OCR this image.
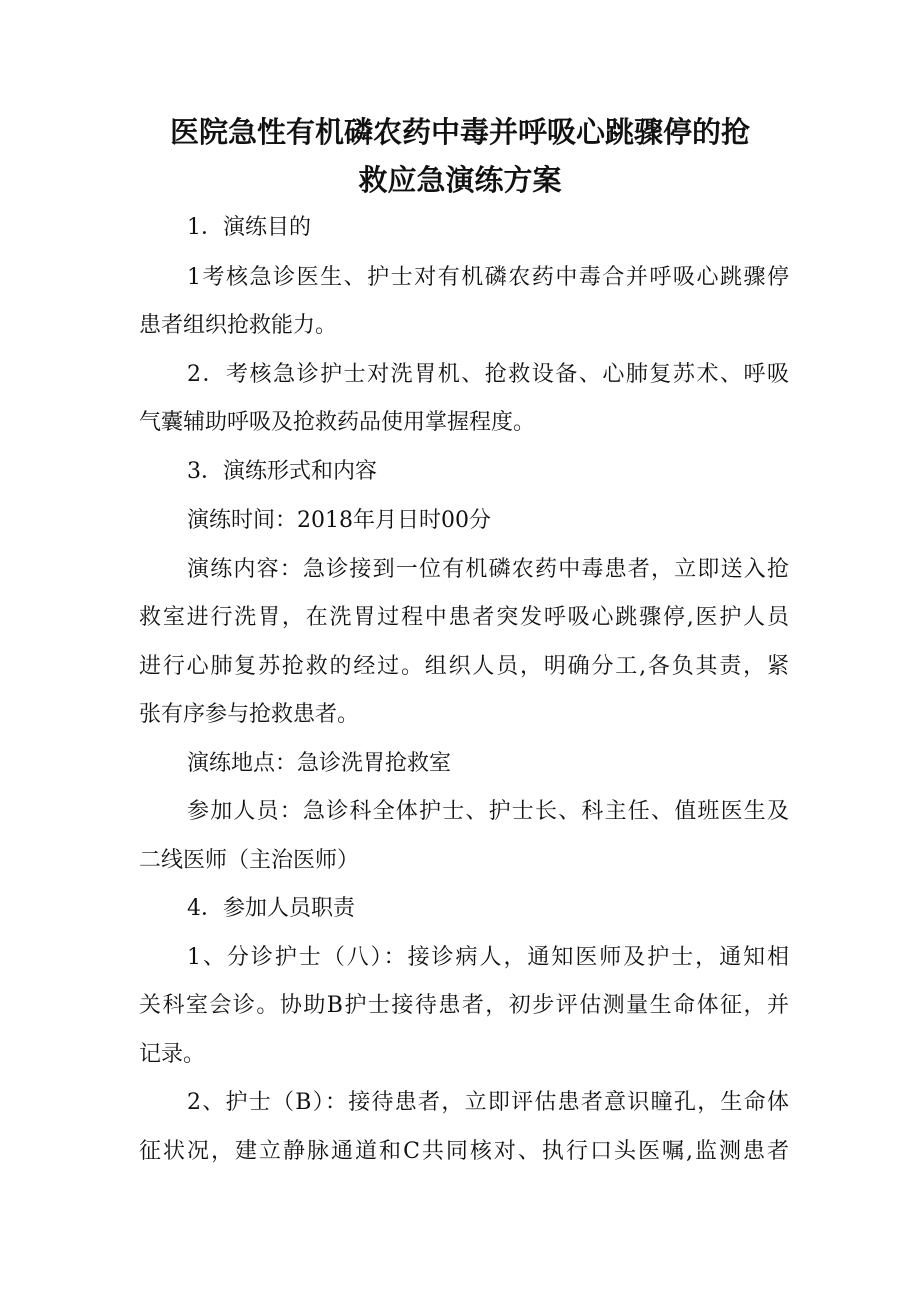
医院急性有机磷农药中毒并呼吸心跳骤停的抢
救应急演练方案
1．演练目的
1考核急诊医生、护士对有机磷农药中毒合并呼吸心跳骤停
患者组织抢救能力。
2．考核急诊护士对洗胃机、抢救设备、心肺复苏术、呼吸
气囊辅助呼吸及抢救药品使用掌握程度。
3．演练形式和内容
演练时间：2018年月日时00分
演练内容：急诊接到一位有机磷农药中毒患者，立即送入抢
救室进行洗胃，在洗胃过程中患者突发呼吸心跳骤停,医护人员
进行心肺复苏抢救的经过。组织人员，明确分工,各负其责，紧
张有序参与抢救患者。
演练地点：急诊洗胃抢救室
参加人员：急诊科全体护士、护士长、科主任、值班医生及
二线医师（主治医师）
4．参加人员职责
1、分诊护士（八）：接诊病人，通知医师及护士，通知相
关科室会诊。协助B护士接待患者，初步评估测量生命体征，并
记录。
2、护士（B）：接待患者，立即评估患者意识瞳孔，生命体
征状况，建立静脉通道和C共同核对、执行口头医嘱,监测患者
